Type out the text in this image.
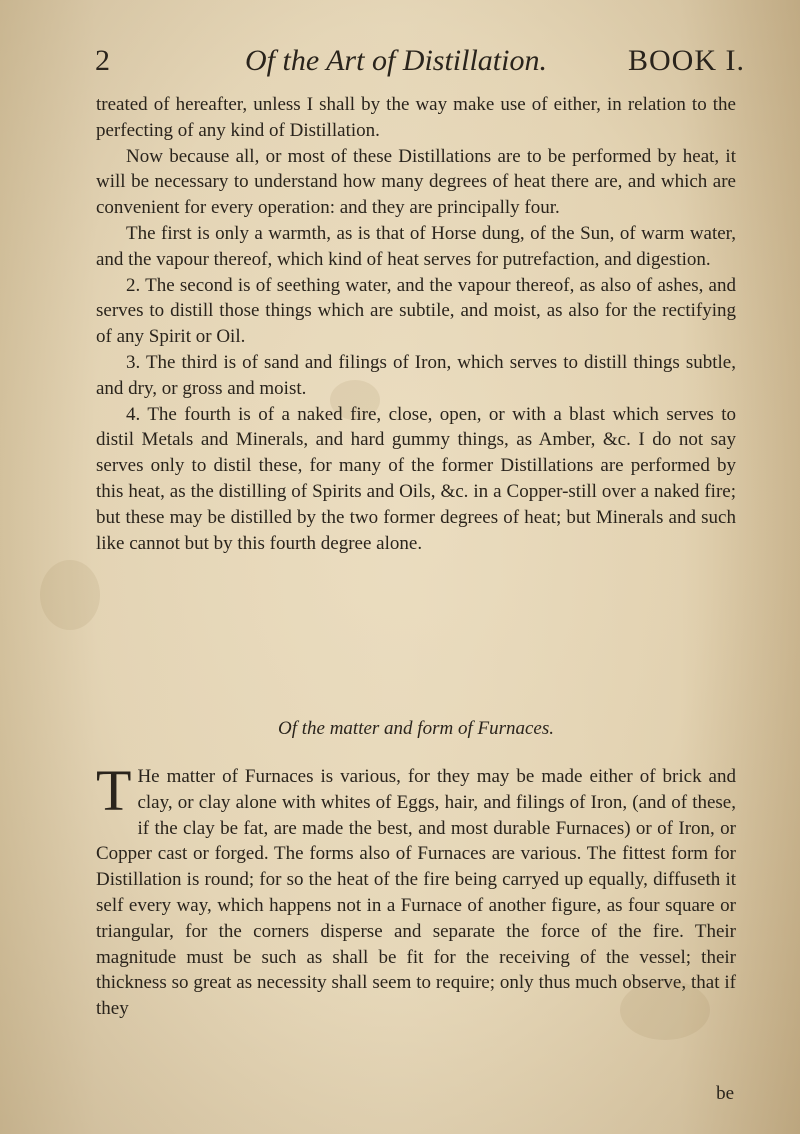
2	Of the Art of Distillation.	BOOK I.

treated of hereafter, unless I shall by the way make use of either, in relation to the perfecting of any kind of Distillation.

Now because all, or most of these Distillations are to be performed by heat, it will be necessary to understand how many degrees of heat there are, and which are convenient for every operation: and they are principally four.

The first is only a warmth, as is that of Horse dung, of the Sun, of warm water, and the vapour thereof, which kind of heat serves for putrefaction, and digestion.

2. The second is of seething water, and the vapour thereof, as also of ashes, and serves to distill those things which are subtile, and moist, as also for the rectifying of any Spirit or Oil.

3. The third is of sand and filings of Iron, which serves to distill things subtle, and dry, or gross and moist.

4. The fourth is of a naked fire, close, open, or with a blast which serves to distil Metals and Minerals, and hard gummy things, as Amber, &c. I do not say serves only to distil these, for many of the former Distillations are performed by this heat, as the distilling of Spirits and Oils, &c. in a Copper-still over a naked fire; but these may be distilled by the two former degrees of heat; but Minerals and such like cannot but by this fourth degree alone.

Of the matter and form of Furnaces.
T He matter of Furnaces is various, for they may be made either of brick and clay, or clay alone with whites of Eggs, hair, and filings of Iron, (and of these, if the clay be fat, are made the best, and most durable Furnaces) or of Iron, or Copper cast or forged. The forms also of Furnaces are various. The fittest form for Distillation is round; for so the heat of the fire being carryed up equally, diffuseth it self every way, which happens not in a Furnace of another figure, as four square or triangular, for the corners disperse and separate the force of the fire. Their magnitude must be such as shall be fit for the receiving of the vessel; their thickness so great as necessity shall seem to require; only thus much observe, that if they
be
